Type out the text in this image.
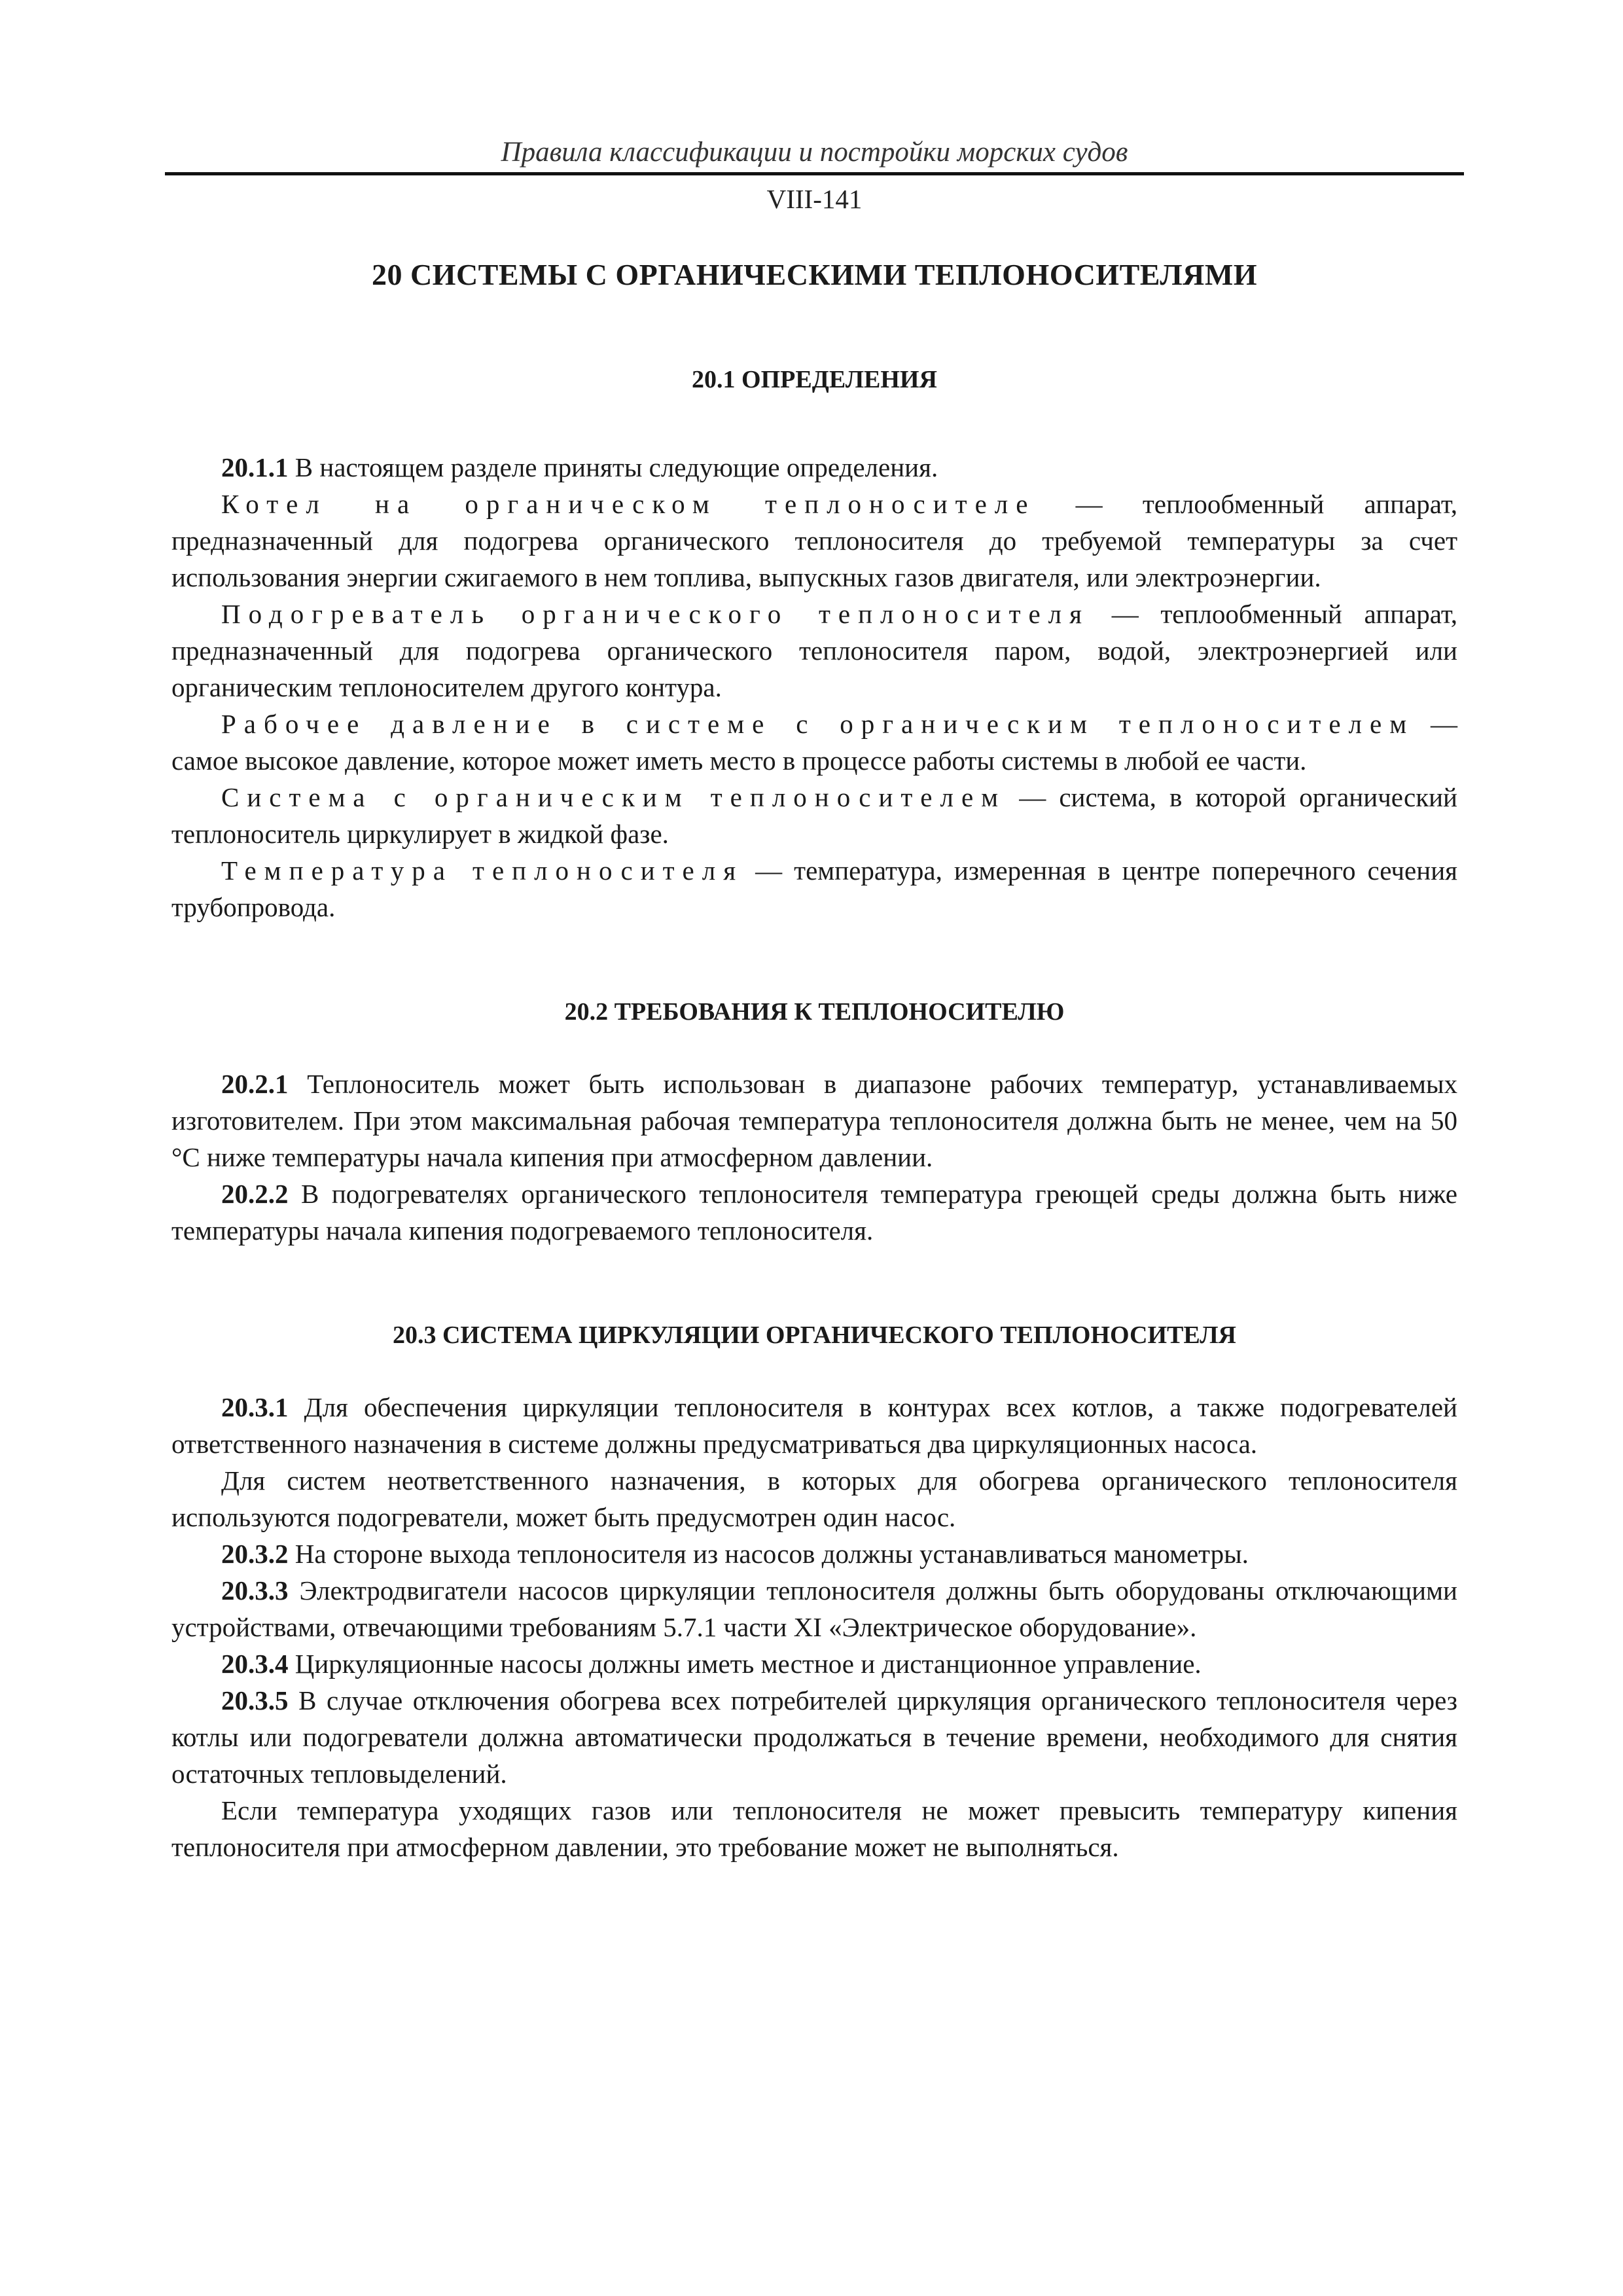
Правила классификации и постройки морских судов
VIII-141
20 СИСТЕМЫ С ОРГАНИЧЕСКИМИ ТЕПЛОНОСИТЕЛЯМИ
20.1 ОПРЕДЕЛЕНИЯ

20.1.1 В настоящем разделе приняты следующие определения.

Котел на органическом теплоносителе — теплообменный аппарат, предназначенный для подогрева органического теплоносителя до требуемой температуры за счет использования энергии сжигаемого в нем топлива, выпускных газов двигателя, или электроэнергии.

Подогреватель органического теплоносителя — теплообменный аппарат, предназначенный для подогрева органического теплоносителя паром, водой, электроэнергией или органическим теплоносителем другого контура.

Рабочее давление в системе с органическим теплоносителем — самое высокое давление, которое может иметь место в процессе работы системы в любой ее части.

Система с органическим теплоносителем — система, в которой органический теплоноситель циркулирует в жидкой фазе.

Температура теплоносителя — температура, измеренная в центре поперечного сечения трубопровода.

20.2 ТРЕБОВАНИЯ К ТЕПЛОНОСИТЕЛЮ

20.2.1 Теплоноситель может быть использован в диапазоне рабочих температур, устанавливаемых изготовителем. При этом максимальная рабочая температура теплоносителя должна быть не менее, чем на 50 °С ниже температуры начала кипения при атмосферном давлении.

20.2.2 В подогревателях органического теплоносителя температура греющей среды должна быть ниже температуры начала кипения подогреваемого теплоносителя.

20.3 СИСТЕМА ЦИРКУЛЯЦИИ ОРГАНИЧЕСКОГО ТЕПЛОНОСИТЕЛЯ

20.3.1 Для обеспечения циркуляции теплоносителя в контурах всех котлов, а также подогревателей ответственного назначения в системе должны предусматриваться два циркуляционных насоса.

Для систем неответственного назначения, в которых для обогрева органического теплоносителя используются подогреватели, может быть предусмотрен один насос.

20.3.2 На стороне выхода теплоносителя из насосов должны устанавливаться манометры.

20.3.3 Электродвигатели насосов циркуляции теплоносителя должны быть оборудованы отключающими устройствами, отвечающими требованиям 5.7.1 части XI «Электрическое оборудование».

20.3.4 Циркуляционные насосы должны иметь местное и дистанционное управление.

20.3.5 В случае отключения обогрева всех потребителей циркуляция органического теплоносителя через котлы или подогреватели должна автоматически продолжаться в течение времени, необходимого для снятия остаточных тепловыделений.

Если температура уходящих газов или теплоносителя не может превысить температуру кипения теплоносителя при атмосферном давлении, это требование может не выполняться.
